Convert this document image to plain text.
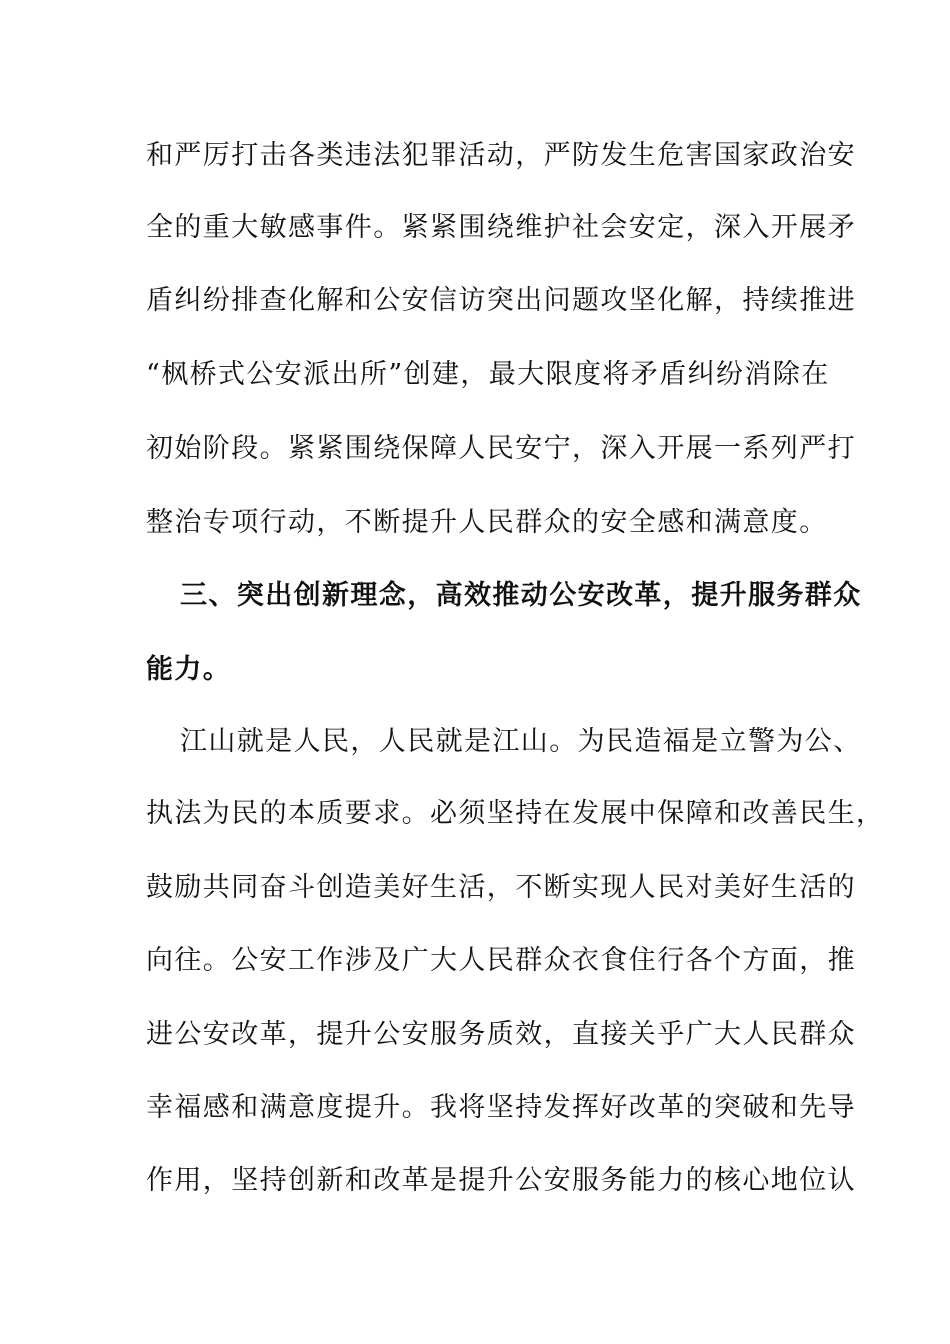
和严厉打击各类违法犯罪活动，严防发生危害国家政治安
全的重大敏感事件。紧紧围绕维护社会安定，深入开展矛
盾纠纷排查化解和公安信访突出问题攻坚化解，持续推进
“枫桥式公安派出所”创建，最大限度将矛盾纠纷消除在
初始阶段。紧紧围绕保障人民安宁，深入开展一系列严打
整治专项行动，不断提升人民群众的安全感和满意度。
三、突出创新理念，高效推动公安改革，提升服务群众
能力。
江山就是人民，人民就是江山。为民造福是立警为公、
执法为民的本质要求。必须坚持在发展中保障和改善民生，
鼓励共同奋斗创造美好生活，不断实现人民对美好生活的
向往。公安工作涉及广大人民群众衣食住行各个方面，推
进公安改革，提升公安服务质效，直接关乎广大人民群众
幸福感和满意度提升。我将坚持发挥好改革的突破和先导
作用，坚持创新和改革是提升公安服务能力的核心地位认
